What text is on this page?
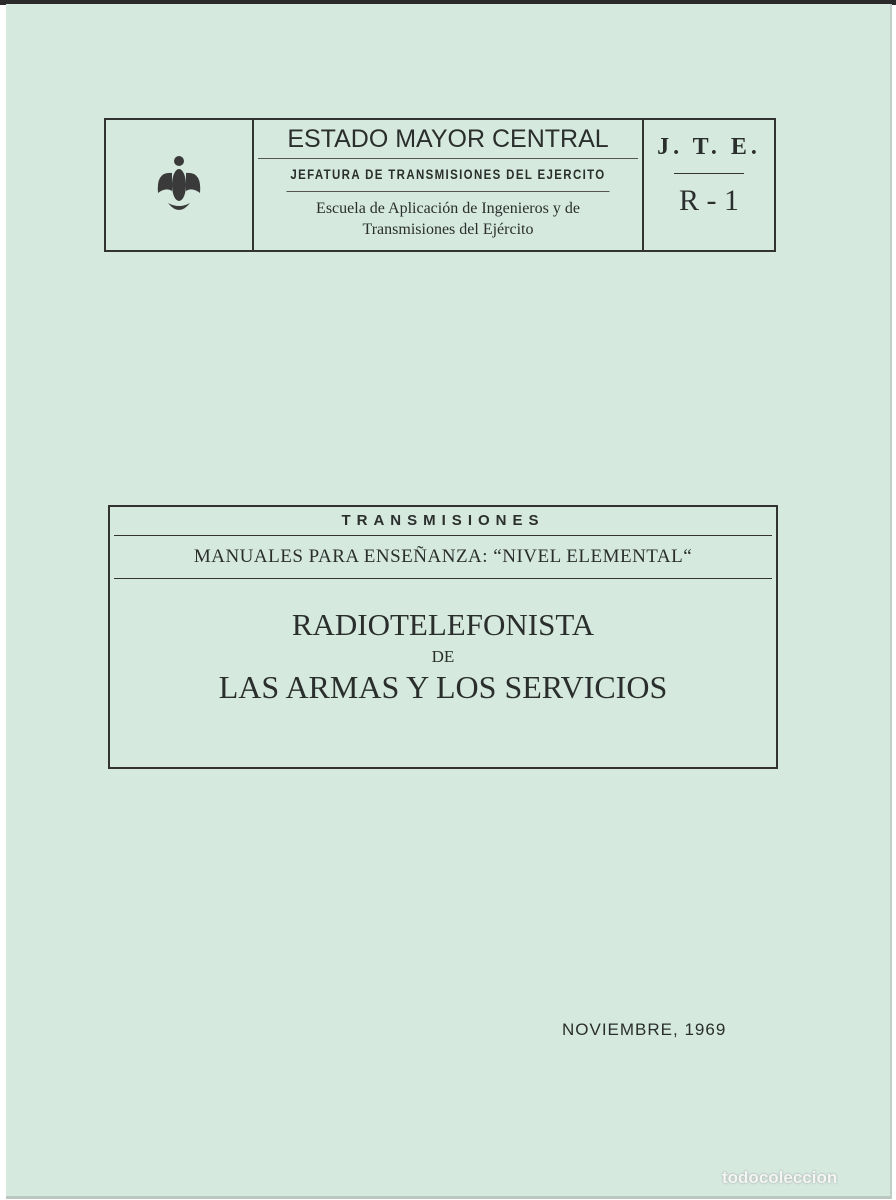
ESTADO MAYOR CENTRAL
JEFATURA DE TRANSMISIONES DEL EJERCITO
Escuela de Aplicación de Ingenieros y de
Transmisiones del Ejército
J. T. E.
R - 1
TRANSMISIONES
MANUALES PARA ENSEÑANZA: “NIVEL ELEMENTAL“
RADIOTELEFONISTA
DE
LAS ARMAS Y LOS SERVICIOS
NOVIEMBRE, 1969
todocoleccion
